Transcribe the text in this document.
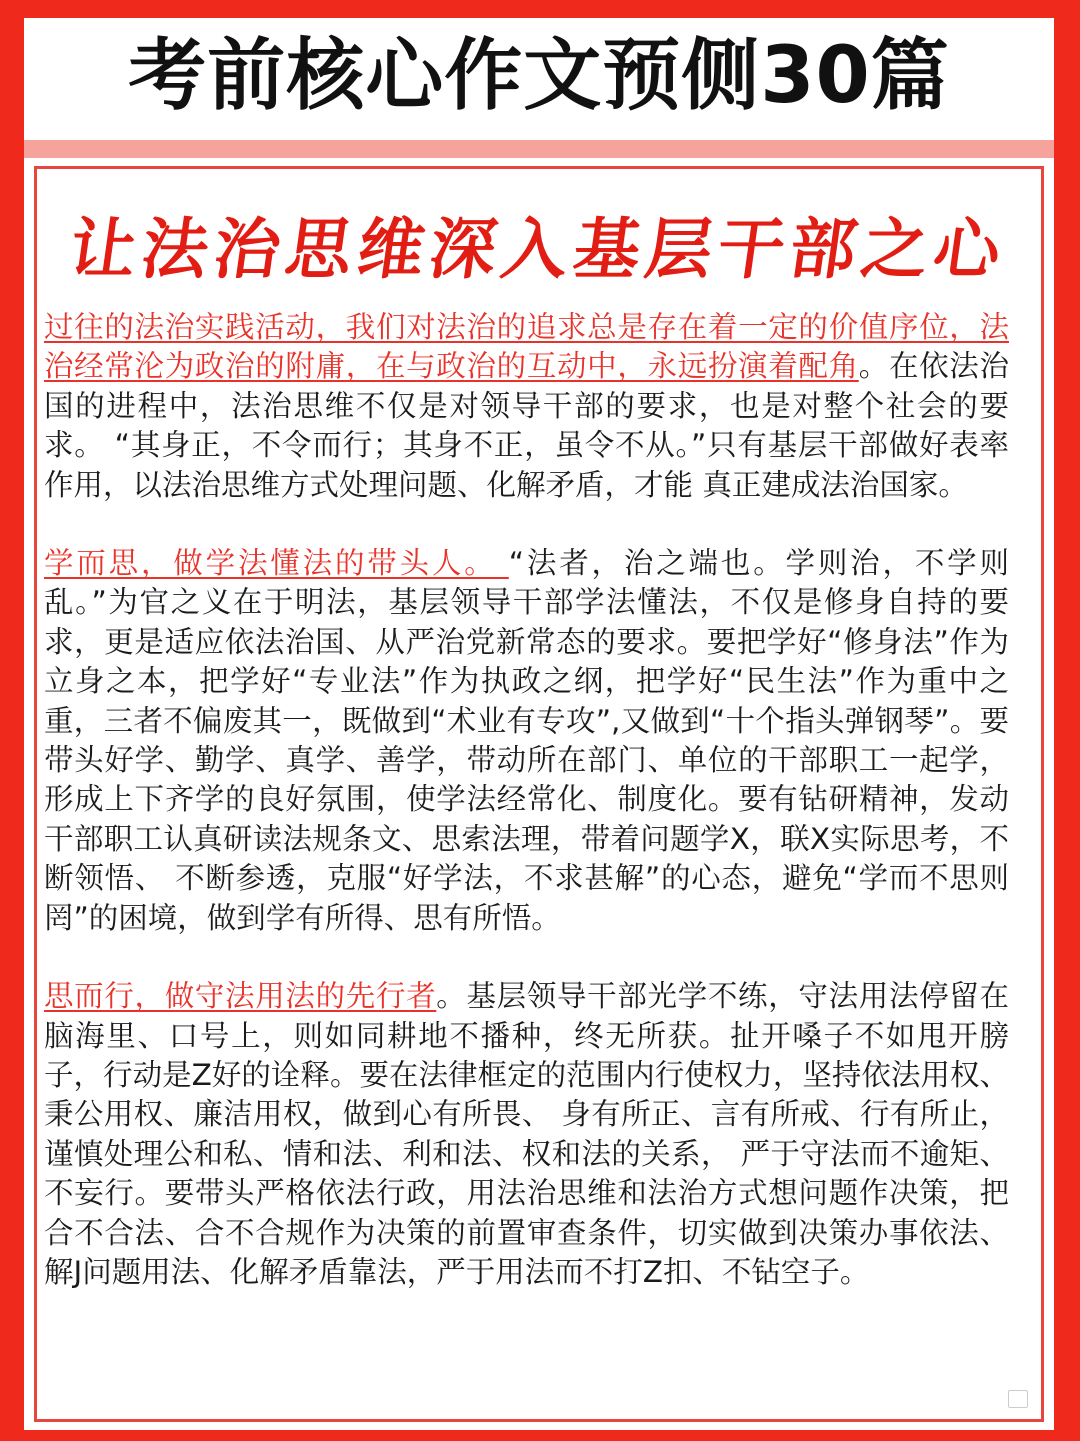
考前核心作文预侧30篇
让法治思维深入基层干部之心

过往的法治实践活动，我们对法治的追求总是存在着一定的价值序位，法治经常沦为政治的附庸，在与政治的互动中，永远扮演着配角。在依法治国的进程中，法治思维不仅是对领导干部的要求，也是对整个社会的要求。 “其身正，不令而行；其身不正，虽令不从。”只有基层干部做好表率作用，以法治思维方式处理问题、化解矛盾，才能 真正建成法治国家。

学而思，做学法懂法的带头人。 “法者，治之端也。学则治，不学则乱。”为官之义在于明法，基层领导干部学法懂法，不仅是修身自持的要求，更是适应依法治国、从严治党新常态的要求。要把学好“修身法”作为立身之本，把学好“专业法”作为执政之纲，把学好“民生法”作为重中之重，三者不偏废其一，既做到“术业有专攻”,又做到“十个指头弹钢琴”。要带头好学、勤学、真学、善学，带动所在部门、单位的干部职工一起学，形成上下齐学的良好氛围，使学法经常化、制度化。要有钻研精神，发动干部职工认真研读法规条文、思索法理，带着问题学X，联X实际思考，不断领悟、 不断参透，克服“好学法，不求甚解”的心态，避免“学而不思则罔”的困境，做到学有所得、思有所悟。

思而行，做守法用法的先行者。基层领导干部光学不练，守法用法停留在脑海里、口号上，则如同耕地不播种，终无所获。扯开嗓子不如甩开膀子，行动是Z好的诠释。要在法律框定的范围内行使权力，坚持依法用权、秉公用权、廉洁用权，做到心有所畏、 身有所正、言有所戒、行有所止，谨慎处理公和私、情和法、利和法、权和法的关系， 严于守法而不逾矩、不妄行。要带头严格依法行政，用法治思维和法治方式想问题作决策，把合不合法、合不合规作为决策的前置审查条件，切实做到决策办事依法、解J问题用法、化解矛盾靠法，严于用法而不打Z扣、不钻空子。
